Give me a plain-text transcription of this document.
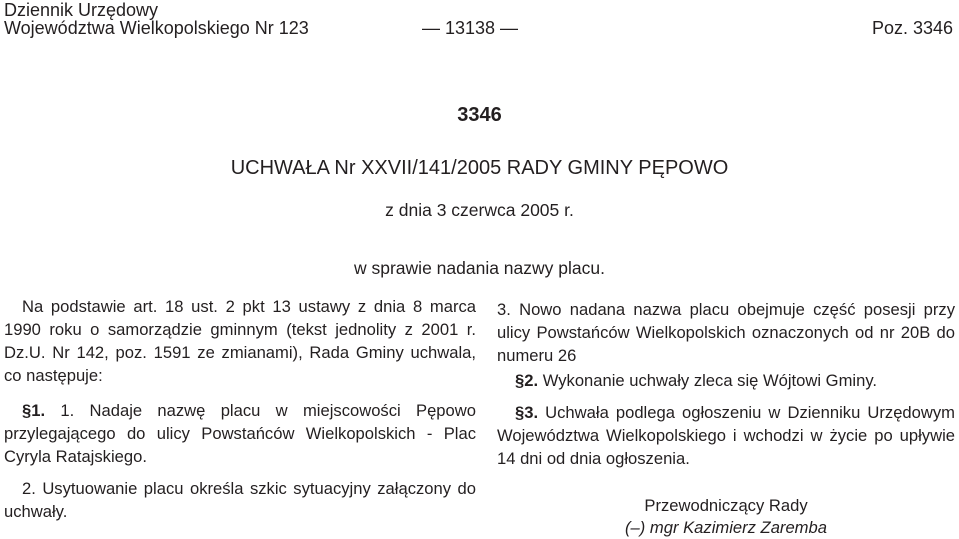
Dziennik Urzędowy
Województwa Wielkopolskiego Nr 123	— 13138 —	Poz. 3346
3346
UCHWAŁA Nr XXVII/141/2005 RADY GMINY PĘPOWO
z dnia 3 czerwca 2005 r.
w sprawie nadania nazwy placu.
Na podstawie art. 18 ust. 2 pkt 13 ustawy z dnia 8 marca 1990 roku o samorządzie gminnym (tekst jednolity z 2001 r. Dz.U. Nr 142, poz. 1591 ze zmianami), Rada Gminy uchwala, co następuje:
§1. 1. Nadaje nazwę placu w miejscowości Pępowo przylegającego do ulicy Powstańców Wielkopolskich - Plac Cyryla Ratajskiego.
2. Usytuowanie placu określa szkic sytuacyjny załączony do uchwały.
3. Nowo nadana nazwa placu obejmuje część posesji przy ulicy Powstańców Wielkopolskich oznaczonych od nr 20B do numeru 26
§2. Wykonanie uchwały zleca się Wójtowi Gminy.
§3. Uchwała podlega ogłoszeniu w Dzienniku Urzędowym Województwa Wielkopolskiego i wchodzi w życie po upływie 14 dni od dnia ogłoszenia.
Przewodniczący Rady
(–) mgr Kazimierz Zaremba
